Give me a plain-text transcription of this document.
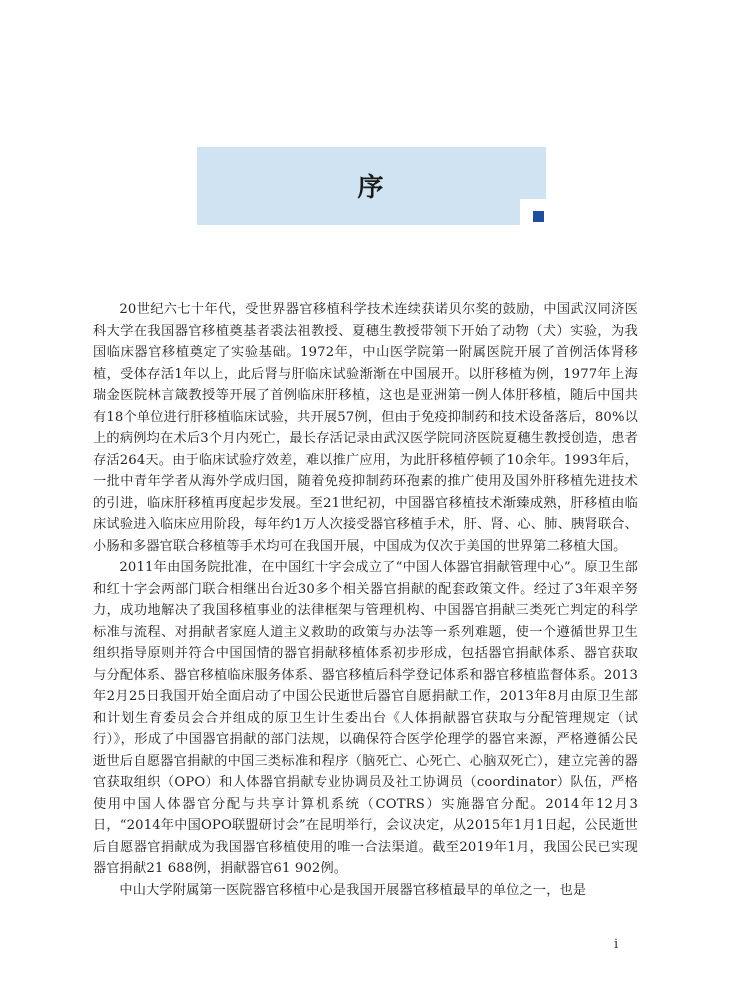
序

20世纪六七十年代，受世界器官移植科学技术连续获诺贝尔奖的鼓励，中国武汉同济医科大学在我国器官移植奠基者裘法祖教授、夏穗生教授带领下开始了动物（犬）实验，为我国临床器官移植奠定了实验基础。1972年，中山医学院第一附属医院开展了首例活体肾移植，受体存活1年以上，此后肾与肝临床试验渐渐在中国展开。以肝移植为例，1977年上海瑞金医院林言箴教授等开展了首例临床肝移植，这也是亚洲第一例人体肝移植，随后中国共有18个单位进行肝移植临床试验，共开展57例，但由于免疫抑制药和技术设备落后，80%以上的病例均在术后3个月内死亡，最长存活记录由武汉医学院同济医院夏穗生教授创造，患者存活264天。由于临床试验疗效差，难以推广应用，为此肝移植停顿了10余年。1993年后，一批中青年学者从海外学成归国，随着免疫抑制药环孢素的推广使用及国外肝移植先进技术的引进，临床肝移植再度起步发展。至21世纪初，中国器官移植技术渐臻成熟，肝移植由临床试验进入临床应用阶段，每年约1万人次接受器官移植手术，肝、肾、心、肺、胰肾联合、小肠和多器官联合移植等手术均可在我国开展，中国成为仅次于美国的世界第二移植大国。

2011年由国务院批准，在中国红十字会成立了“中国人体器官捐献管理中心”。原卫生部和红十字会两部门联合相继出台近30多个相关器官捐献的配套政策文件。经过了3年艰辛努力，成功地解决了我国移植事业的法律框架与管理机构、中国器官捐献三类死亡判定的科学标准与流程、对捐献者家庭人道主义救助的政策与办法等一系列难题，使一个遵循世界卫生组织指导原则并符合中国国情的器官捐献移植体系初步形成，包括器官捐献体系、器官获取与分配体系、器官移植临床服务体系、器官移植后科学登记体系和器官移植监督体系。2013年2月25日我国开始全面启动了中国公民逝世后器官自愿捐献工作，2013年8月由原卫生部和计划生育委员会合并组成的原卫生计生委出台《人体捐献器官获取与分配管理规定（试行）》，形成了中国器官捐献的部门法规，以确保符合医学伦理学的器官来源，严格遵循公民逝世后自愿器官捐献的中国三类标准和程序（脑死亡、心死亡、心脑双死亡），建立完善的器官获取组织（OPO）和人体器官捐献专业协调员及社工协调员（coordinator）队伍，严格使用中国人体器官分配与共享计算机系统（COTRS）实施器官分配。2014年12月3日，“2014年中国OPO联盟研讨会”在昆明举行，会议决定，从2015年1月1日起，公民逝世后自愿器官捐献成为我国器官移植使用的唯一合法渠道。截至2019年1月，我国公民已实现器官捐献21 688例，捐献器官61 902例。

中山大学附属第一医院器官移植中心是我国开展器官移植最早的单位之一，也是

i
